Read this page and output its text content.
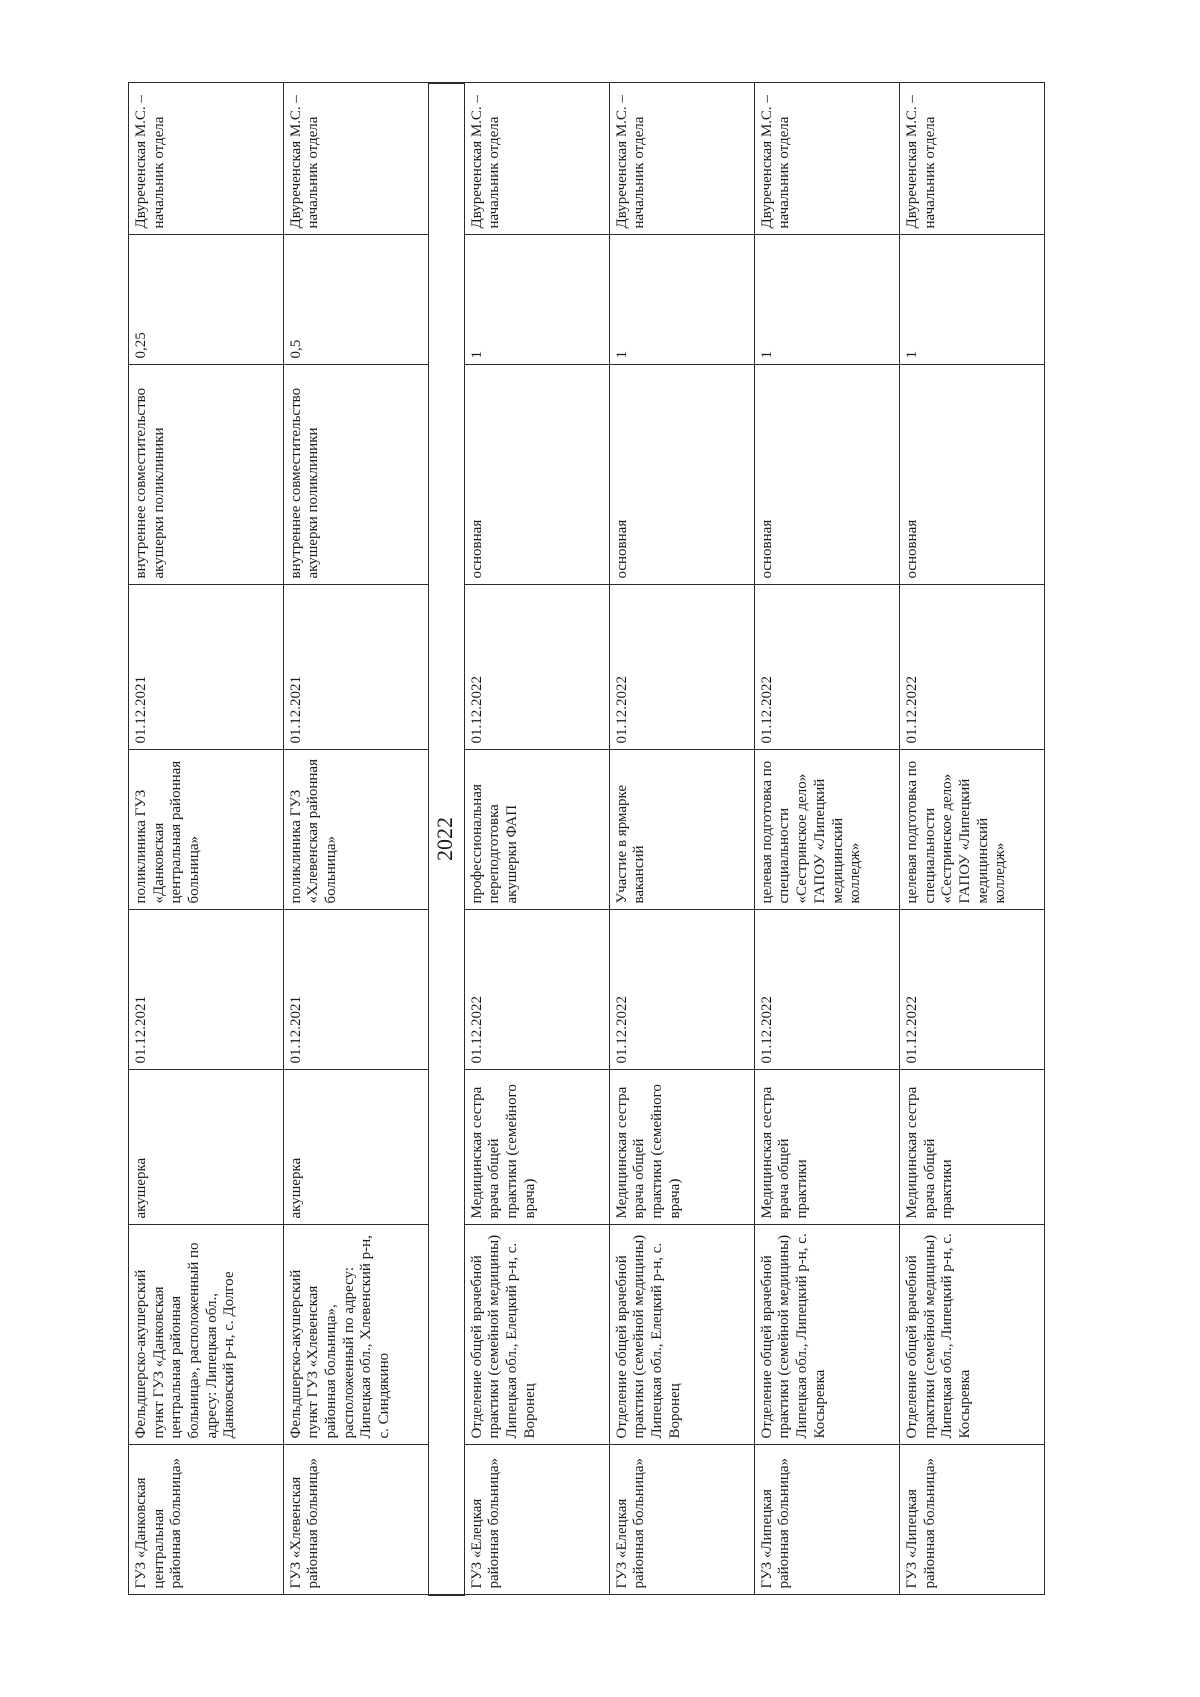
ГУЗ «Данковская центральная районная больница»	Фельдшерско-акушерский пункт ГУЗ «Данковская центральная районная больница», расположенный по адресу: Липецкая обл., Данковский р-н, с. Долгое	акушерка	01.12.2021	поликлиника ГУЗ «Данковская центральная районная больница»	01.12.2021	внутреннее совместительство акушерки поликлиники	0,25	Двуреченская М.С. – начальник отдела
ГУЗ «Хлевенская районная больница»	Фельдшерско-акушерский пункт ГУЗ «Хлевенская районная больница», расположенный по адресу: Липецкая обл., Хлевенский р-н, с. Синдякино	акушерка	01.12.2021	поликлиника ГУЗ «Хлевенская районная больница»	01.12.2021	внутреннее совместительство акушерки поликлиники	0,5	Двуреченская М.С. – начальник отдела

2022								

ГУЗ «Елецкая районная больница»	Отделение общей врачебной практики (семейной медицины) Липецкая обл., Елецкий р-н, с. Воронец	Медицинская сестра врача общей практики (семейного врача)	01.12.2022	профессиональная переподготовка акушерки ФАП	01.12.2022	основная	1	Двуреченская М.С. – начальник отдела
ГУЗ «Елецкая районная больница»	Отделение общей врачебной практики (семейной медицины) Липецкая обл., Елецкий р-н, с. Воронец	Медицинская сестра врача общей практики (семейного врача)	01.12.2022	Участие в ярмарке вакансий	01.12.2022	основная	1	Двуреченская М.С. – начальник отдела
ГУЗ «Липецкая районная больница»	Отделение общей врачебной практики (семейной медицины) Липецкая обл., Липецкий р-н, с. Косыревка	Медицинская сестра врача общей практики	01.12.2022	целевая подготовка по специальности «Сестринское дело» ГАПОУ «Липецкий медицинский колледж»	01.12.2022	основная	1	Двуреченская М.С. – начальник отдела
ГУЗ «Липецкая районная больница»	Отделение общей врачебной практики (семейной медицины) Липецкая обл., Липецкий р-н, с. Косыревка	Медицинская сестра врача общей практики	01.12.2022	целевая подготовка по специальности «Сестринское дело» ГАПОУ «Липецкий медицинский колледж»	01.12.2022	основная	1	Двуреченская М.С. – начальник отдела
